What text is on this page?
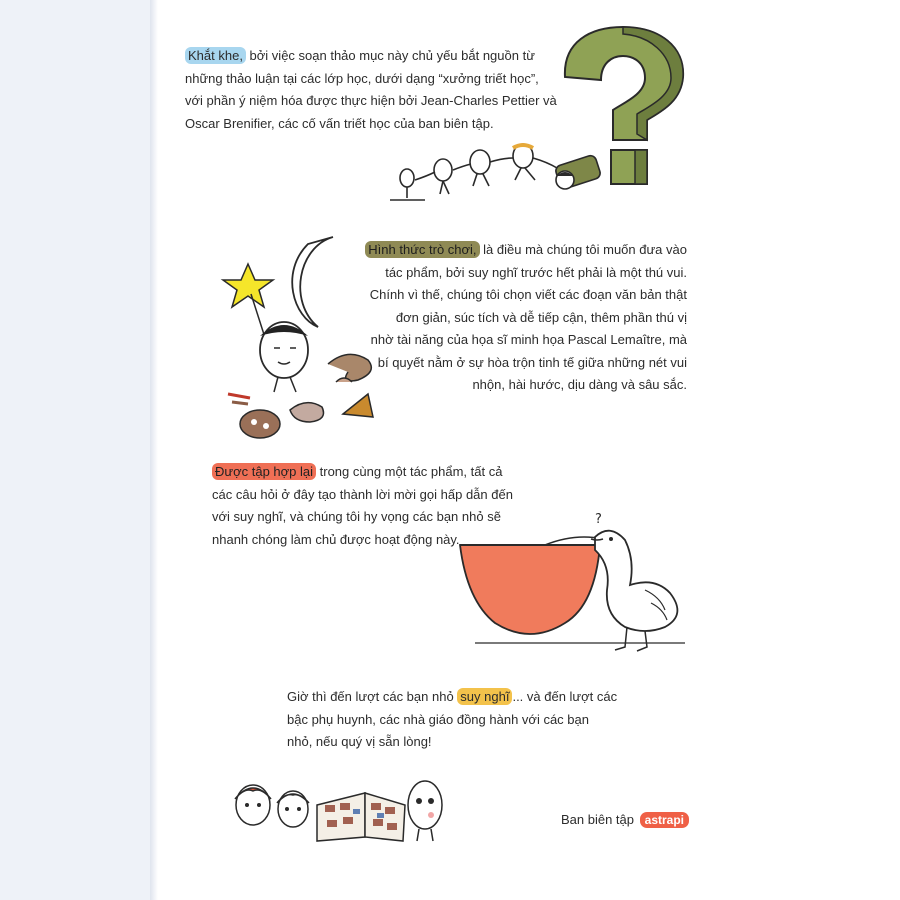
Khắt khe, bởi việc soạn thảo mục này chủ yếu bắt nguồn từ
những thảo luận tại các lớp học, dưới dạng “xưởng triết học”,
với phần ý niệm hóa được thực hiện bởi Jean-Charles Pettier và
Oscar Brenifier, các cố vấn triết học của ban biên tập.
Hình thức trò chơi, là điều mà chúng tôi muốn đưa vào
tác phẩm, bởi suy nghĩ trước hết phải là một thú vui.
Chính vì thế, chúng tôi chọn viết các đoạn văn bản thật
đơn giản, súc tích và dễ tiếp cận, thêm phần thú vị
nhờ tài năng của họa sĩ minh họa Pascal Lemaître, mà
bí quyết nằm ở sự hòa trộn tinh tế giữa những nét vui
nhộn, hài hước, dịu dàng và sâu sắc.
Được tập hợp lại trong cùng một tác phẩm, tất cả
các câu hỏi ở đây tạo thành lời mời gọi hấp dẫn đến
với suy nghĩ, và chúng tôi hy vọng các bạn nhỏ sẽ
nhanh chóng làm chủ được hoạt động này.
?
Giờ thì đến lượt các bạn nhỏ suy nghĩ ... và đến lượt các
bậc phụ huynh, các nhà giáo đồng hành với các bạn
nhỏ, nếu quý vị sẵn lòng!
Ban biên tập astrapi
